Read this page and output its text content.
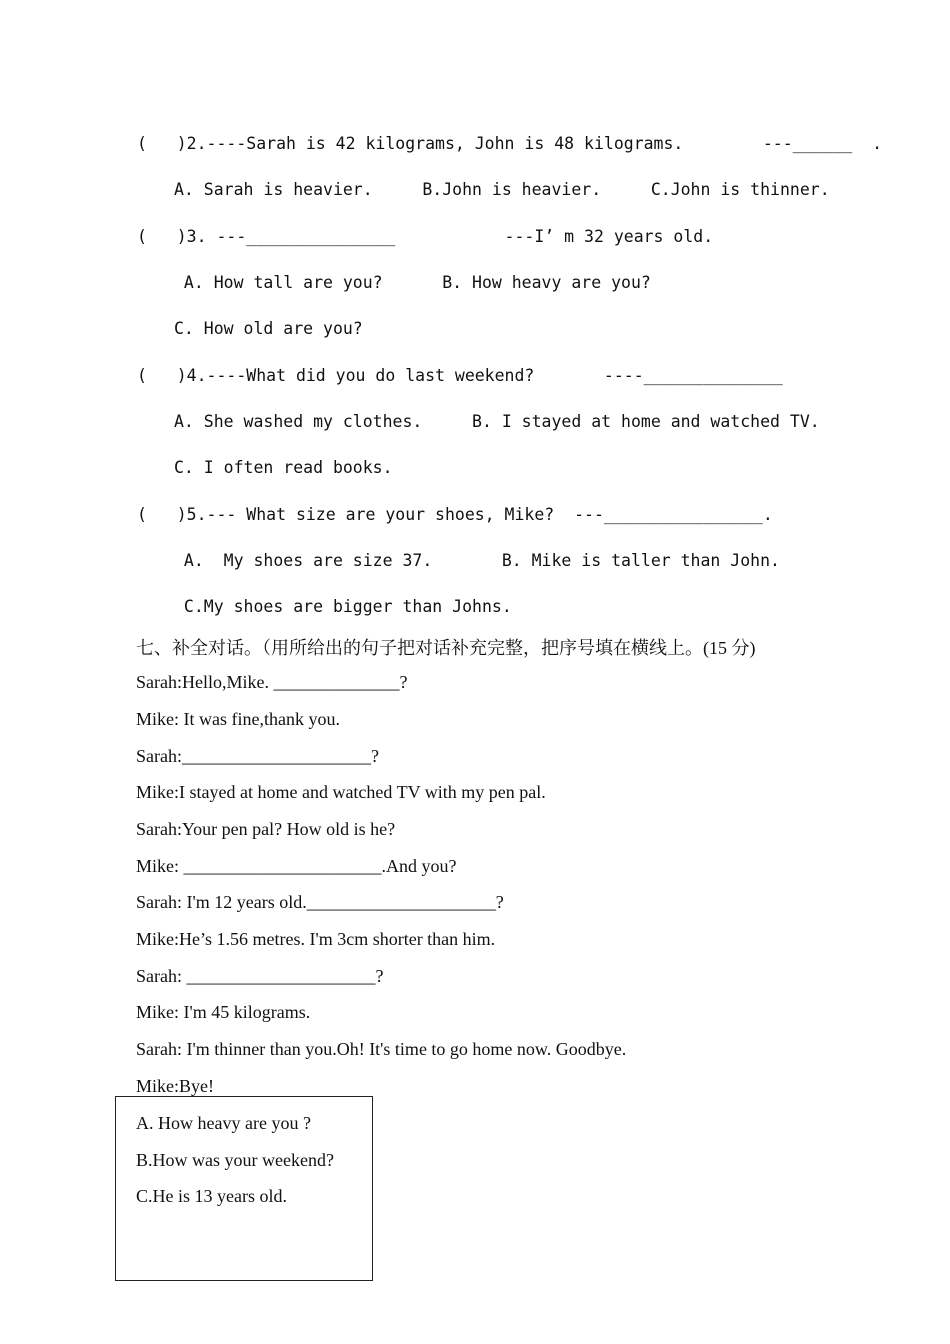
(   )2.----Sarah is 42 kilograms, John is 48 kilograms.        ---______  .
A. Sarah is heavier.     B.John is heavier.     C.John is thinner.
(   )3. ---_______________           ---I’ m 32 years old.
A. How tall are you?      B. How heavy are you?
C. How old are you?
(   )4.----What did you do last weekend?       ----______________
A. She washed my clothes.     B. I stayed at home and watched TV.
C. I often read books.
(   )5.--- What size are your shoes, Mike?  ---________________.
A.  My shoes are size 37.       B. Mike is taller than John.
C.My shoes are bigger than Johns.
七、补全对话。（用所给出的句子把对话补充完整，把序号填在横线上。(15 分)
Sarah:Hello,Mike. ______________?
Mike: It was fine,thank you.
Sarah:_____________________?
Mike:I stayed at home and watched TV with my pen pal.
Sarah:Your pen pal? How old is he?
Mike: ______________________.And you?
Sarah: I'm 12 years old._____________________?
Mike:He’s 1.56 metres. I'm 3cm shorter than him.
Sarah: _____________________?
Mike: I'm 45 kilograms.
Sarah: I'm thinner than you.Oh! It's time to go home now. Goodbye.
Mike:Bye!
A. How heavy are you ?
B.How was your weekend?
C.He is 13 years old.
